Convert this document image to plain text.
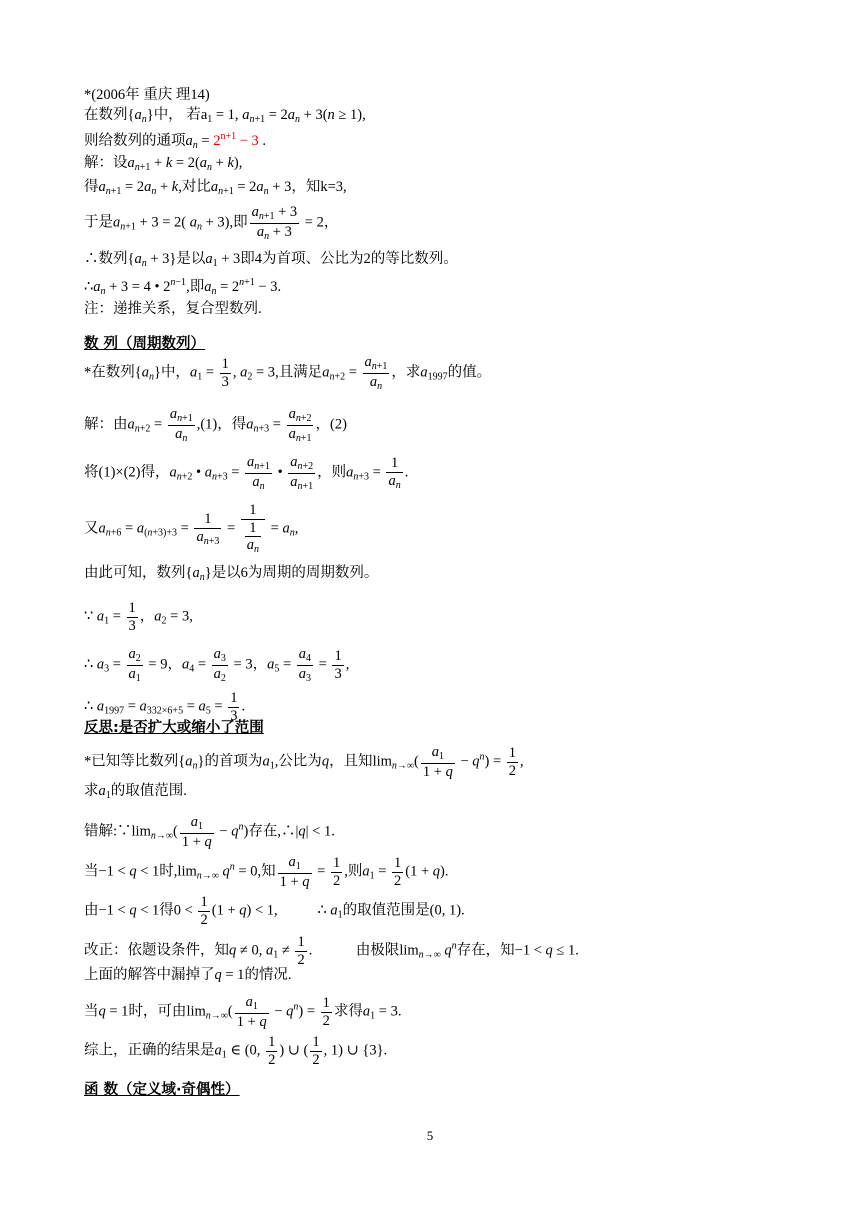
*(2006年 重庆 理14)
在数列$\{a_n\}$中， 若$a_1 = 1$, $a_{n+1} = 2a_n + 3(n \ge 1)$,
则给数列的通项$a_n = 2^{n+1} - 3$ .
解：设$a_{n+1} + k = 2(a_n + k)$,
得$a_{n+1} = 2a_n + k$,对比$a_{n+1} = 2a_n + 3$，知k=3,
于是$a_{n+1} + 3 = 2$( $a_n + 3$),即 $\frac{a_{n+1} + 3}{a_n + 3} = 2$，
∴数列$\{a_n + 3\}$是以$a_1 + 3$即4为首项、公比为2的等比数列。
$\therefore a_n + 3 = 4$ • $2^{n-1}$,即$a_n = 2^{n+1} - 3$.
注：递推关系，复合型数列.
数 列（周期数列）
*在数列$\{a_n\}$中，$a_1 = \frac{1}{3}$ , $a_2 = 3$,且满足$a_{n+2} = \frac{a_{n+1}}{a_n}$ ，求$a_{1997}$的值。
解：由$a_{n+2} = \frac{a_{n+1}}{a_n} ,(1)$，得$a_{n+3} = \frac{a_{n+2}}{a_{n+1}}$ ，(2)
将(1)×(2)得，$a_{n+2}$ • $a_{n+3} = \frac{a_{n+1}}{a_n}$ • $\frac{a_{n+2}}{a_{n+1}}$ ，则$a_{n+3} = \frac{1}{a_n}$ .
又$a_{n+6} = a_{(n+3)+3} = \frac{1}{a_{n+3}} = \frac{1}{\frac{1}{a_n}} = a_n$,
由此可知，数列$\{a_n\}$是以6为周期的周期数列。
∵ $a_1 = \frac{1}{3}$ ，$a_2 = 3$,
∴ $a_3 = \frac{a_2}{a_1} = 9$，$a_4 = \frac{a_3}{a_2} = 3$，$a_5 = \frac{a_4}{a_3} = \frac{1}{3}$ ,
∴ $a_{1997} = a_{332\times 6+5} = a_5 = \frac{1}{3}$ .
反思:是否扩大或缩小了范围
*已知等比数列$\{a_n\}$的首项为$a_1$,公比为q，且知$\lim_{n\to\infty}( \frac{a_1}{1 + q} - q^n) = \frac{1}{2}$ ,
求$a_1$的取值范围.
错解$:\because\lim_{n\to\infty}( \frac{a_1}{1 + q} - q^n)$存在,∴|q| < 1.
当−1 < q < 1时$,\lim_{n\to\infty}$ $q^n = 0$,知 $\frac{a_1}{1 + q} = \frac{1}{2}$ ,则$a_1 = \frac{1}{2} (1 + q)$.
由−1 < q < 1得$0 < \frac{1}{2} (1 + q) < 1$,           ∴ $a_1$的取值范围是(0, 1).
改正：依题设条件，知q ≠ 0, $a_1 \ne \frac{1}{2}$ .            由极限$\lim_{n\to\infty} q^n$存在，知−1 < q ≤ 1.
上面的解答中漏掉了q = 1的情况.
当q = 1时，可由$\lim_{n\to\infty}( \frac{a_1}{1 + q} - q^n) = \frac{1}{2}$ 求得$a_1 = 3$.
综上，正确的结果是$a_1$ ∈ (0, $\frac{1}{2}$ ) ∪ ( $\frac{1}{2}$ , 1) ∪ {3}.
函 数（定义域·奇偶性）
5
